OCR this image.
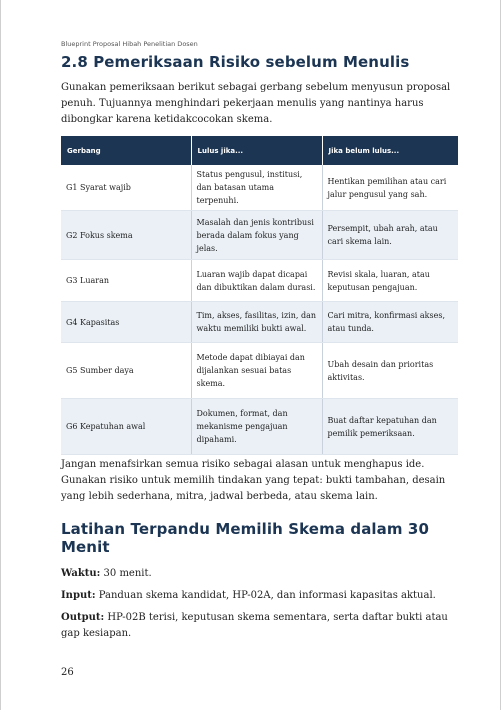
Blueprint Proposal Hibah Penelitian Dosen
2.8 Pemeriksaan Risiko sebelum Menulis

Gunakan pemeriksaan berikut sebagai gerbang sebelum menyusun proposal penuh. Tujuannya menghindari pekerjaan menulis yang nantinya harus dibongkar karena ketidakcocokan skema.

Gerbang	Lulus jika...	Jika belum lulus...
G1 Syarat wajib	Status pengusul, institusi, dan batasan utama terpenuhi.	Hentikan pemilihan atau cari jalur pengusul yang sah.
G2 Fokus skema	Masalah dan jenis kontribusi berada dalam fokus yang jelas.	Persempit, ubah arah, atau cari skema lain.
G3 Luaran	Luaran wajib dapat dicapai dan dibuktikan dalam durasi.	Revisi skala, luaran, atau keputusan pengajuan.
G4 Kapasitas	Tim, akses, fasilitas, izin, dan waktu memiliki bukti awal.	Cari mitra, konfirmasi akses, atau tunda.
G5 Sumber daya	Metode dapat dibiayai dan dijalankan sesuai batas skema.	Ubah desain dan prioritas aktivitas.
G6 Kepatuhan awal	Dokumen, format, dan mekanisme pengajuan dipahami.	Buat daftar kepatuhan dan pemilik pemeriksaan.

Jangan menafsirkan semua risiko sebagai alasan untuk menghapus ide. Gunakan risiko untuk memilih tindakan yang tepat: bukti tambahan, desain yang lebih sederhana, mitra, jadwal berbeda, atau skema lain.

Latihan Terpandu Memilih Skema dalam 30 Menit

Waktu: 30 menit.

Input: Panduan skema kandidat, HP-02A, dan informasi kapasitas aktual.

Output: HP-02B terisi, keputusan skema sementara, serta daftar bukti atau gap kesiapan.

26
